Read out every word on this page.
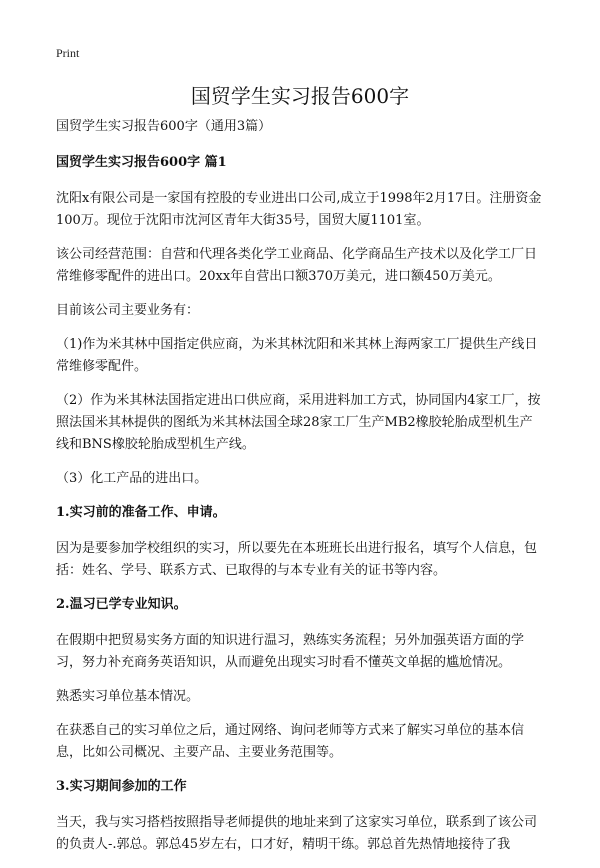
Print
国贸学生实习报告600字

国贸学生实习报告600字（通用3篇）

国贸学生实习报告600字 篇1

沈阳x有限公司是一家国有控股的专业进出口公司,成立于1998年2月17日。注册资金100万。现位于沈阳市沈河区青年大街35号，国贸大厦1101室。

该公司经营范围：自营和代理各类化学工业商品、化学商品生产技术以及化学工厂日常维修零配件的进出口。20xx年自营出口额370万美元，进口额450万美元。

目前该公司主要业务有：

（1)作为米其林中国指定供应商，为米其林沈阳和米其林上海两家工厂提供生产线日常维修零配件。

（2）作为米其林法国指定进出口供应商，采用进料加工方式，协同国内4家工厂，按照法国米其林提供的图纸为米其林法国全球28家工厂生产MB2橡胶轮胎成型机生产线和BNS橡胶轮胎成型机生产线。

（3）化工产品的进出口。

1.实习前的准备工作、申请。

因为是要参加学校组织的实习，所以要先在本班班长出进行报名，填写个人信息，包括：姓名、学号、联系方式、已取得的与本专业有关的证书等内容。

2.温习已学专业知识。

在假期中把贸易实务方面的知识进行温习，熟练实务流程；另外加强英语方面的学习，努力补充商务英语知识，从而避免出现实习时看不懂英文单据的尴尬情况。

熟悉实习单位基本情况。

在获悉自己的实习单位之后，通过网络、询问老师等方式来了解实习单位的基本信息，比如公司概况、主要产品、主要业务范围等。

3.实习期间参加的工作

当天，我与实习搭档按照指导老师提供的地址来到了这家实习单位，联系到了该公司的负责人-.郭总。郭总45岁左右，口才好，精明干练。郭总首先热情地接待了我
